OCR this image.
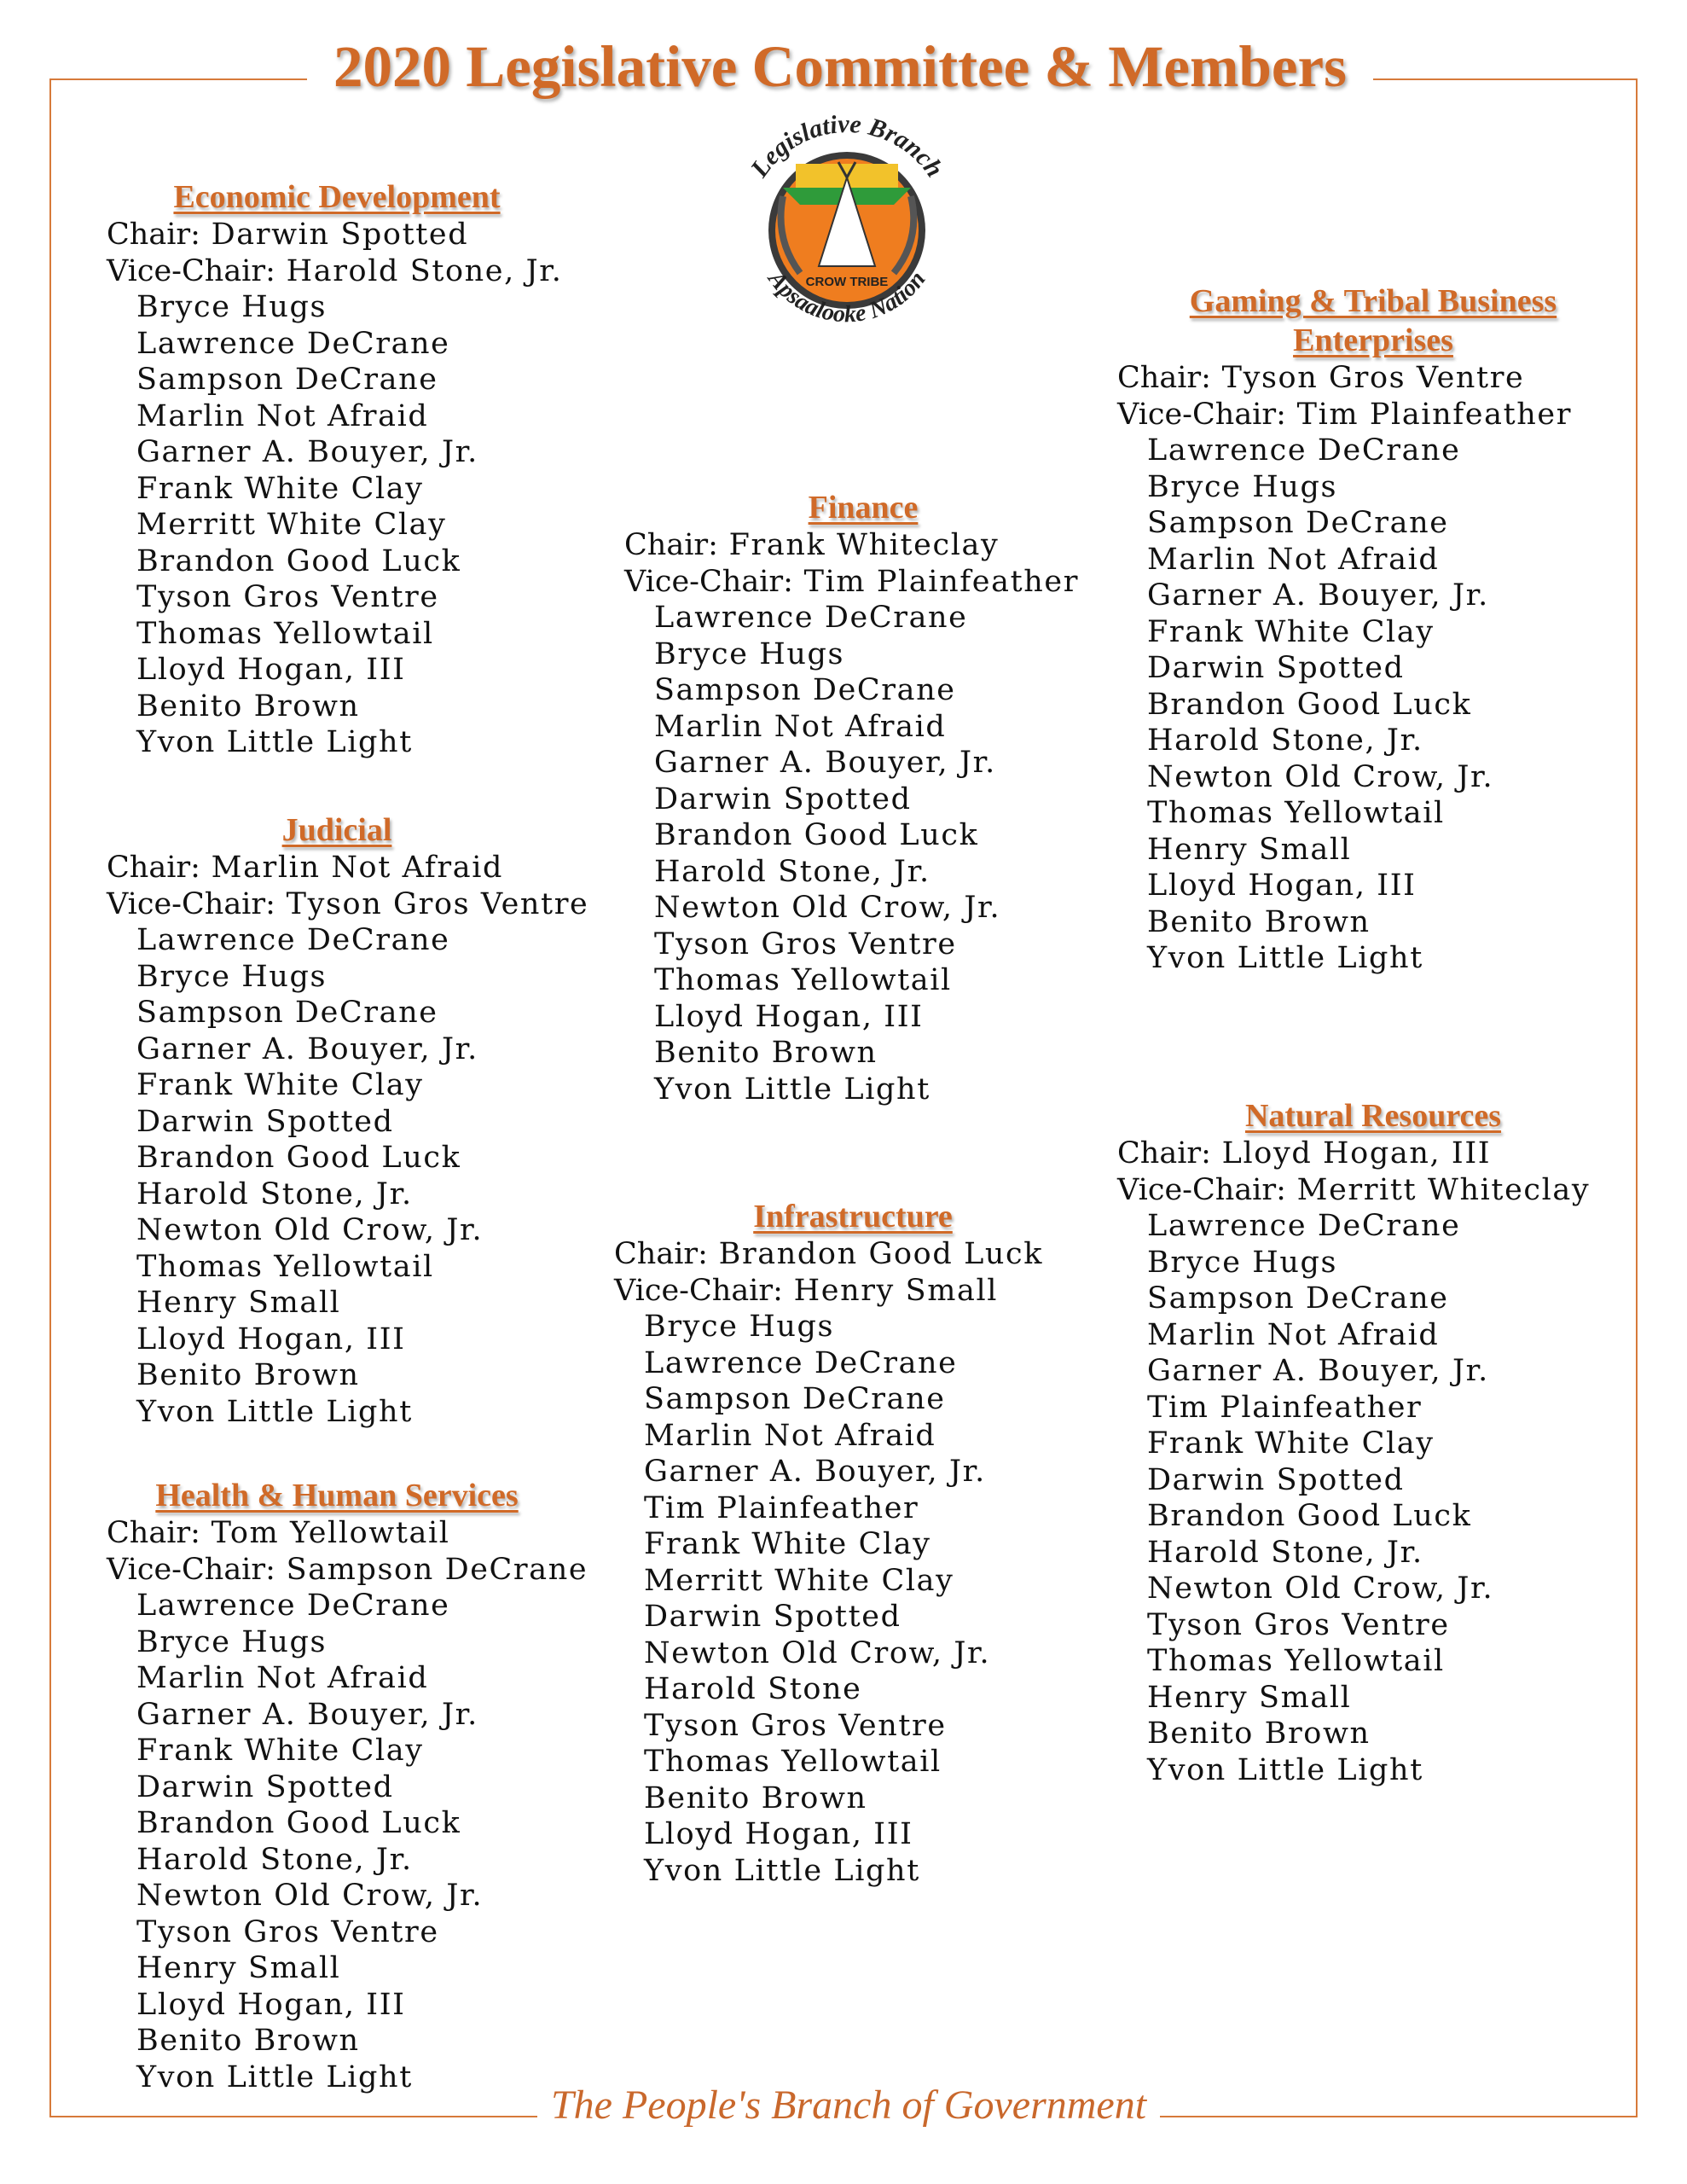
2020 Legislative Committee & Members
Legislative Branch
CROW TRIBE
Apsaalooke Nation
Economic Development
Chair: Darwin Spotted
Vice-Chair: Harold Stone, Jr.
Bryce Hugs
Lawrence DeCrane
Sampson DeCrane
Marlin Not Afraid
Garner A. Bouyer, Jr.
Frank White Clay
Merritt White Clay
Brandon Good Luck
Tyson Gros Ventre
Thomas Yellowtail
Lloyd Hogan, III
Benito Brown
Yvon Little Light
Judicial
Chair: Marlin Not Afraid
Vice-Chair: Tyson Gros Ventre
Lawrence DeCrane
Bryce Hugs
Sampson DeCrane
Garner A. Bouyer, Jr.
Frank White Clay
Darwin Spotted
Brandon Good Luck
Harold Stone, Jr.
Newton Old Crow, Jr.
Thomas Yellowtail
Henry Small
Lloyd Hogan, III
Benito Brown
Yvon Little Light
Health & Human Services
Chair: Tom Yellowtail
Vice-Chair: Sampson DeCrane
Lawrence DeCrane
Bryce Hugs
Marlin Not Afraid
Garner A. Bouyer, Jr.
Frank White Clay
Darwin Spotted
Brandon Good Luck
Harold Stone, Jr.
Newton Old Crow, Jr.
Tyson Gros Ventre
Henry Small
Lloyd Hogan, III
Benito Brown
Yvon Little Light
Finance
Chair: Frank Whiteclay
Vice-Chair: Tim Plainfeather
Lawrence DeCrane
Bryce Hugs
Sampson DeCrane
Marlin Not Afraid
Garner A. Bouyer, Jr.
Darwin Spotted
Brandon Good Luck
Harold Stone, Jr.
Newton Old Crow, Jr.
Tyson Gros Ventre
Thomas Yellowtail
Lloyd Hogan, III
Benito Brown
Yvon Little Light
Infrastructure
Chair: Brandon Good Luck
Vice-Chair: Henry Small
Bryce Hugs
Lawrence DeCrane
Sampson DeCrane
Marlin Not Afraid
Garner A. Bouyer, Jr.
Tim Plainfeather
Frank White Clay
Merritt White Clay
Darwin Spotted
Newton Old Crow, Jr.
Harold Stone
Tyson Gros Ventre
Thomas Yellowtail
Benito Brown
Lloyd Hogan, III
Yvon Little Light
Gaming & Tribal Business
Enterprises
Chair: Tyson Gros Ventre
Vice-Chair: Tim Plainfeather
Lawrence DeCrane
Bryce Hugs
Sampson DeCrane
Marlin Not Afraid
Garner A. Bouyer, Jr.
Frank White Clay
Darwin Spotted
Brandon Good Luck
Harold Stone, Jr.
Newton Old Crow, Jr.
Thomas Yellowtail
Henry Small
Lloyd Hogan, III
Benito Brown
Yvon Little Light
Natural Resources
Chair: Lloyd Hogan, III
Vice-Chair: Merritt Whiteclay
Lawrence DeCrane
Bryce Hugs
Sampson DeCrane
Marlin Not Afraid
Garner A. Bouyer, Jr.
Tim Plainfeather
Frank White Clay
Darwin Spotted
Brandon Good Luck
Harold Stone, Jr.
Newton Old Crow, Jr.
Tyson Gros Ventre
Thomas Yellowtail
Henry Small
Benito Brown
Yvon Little Light
The People's Branch of Government
